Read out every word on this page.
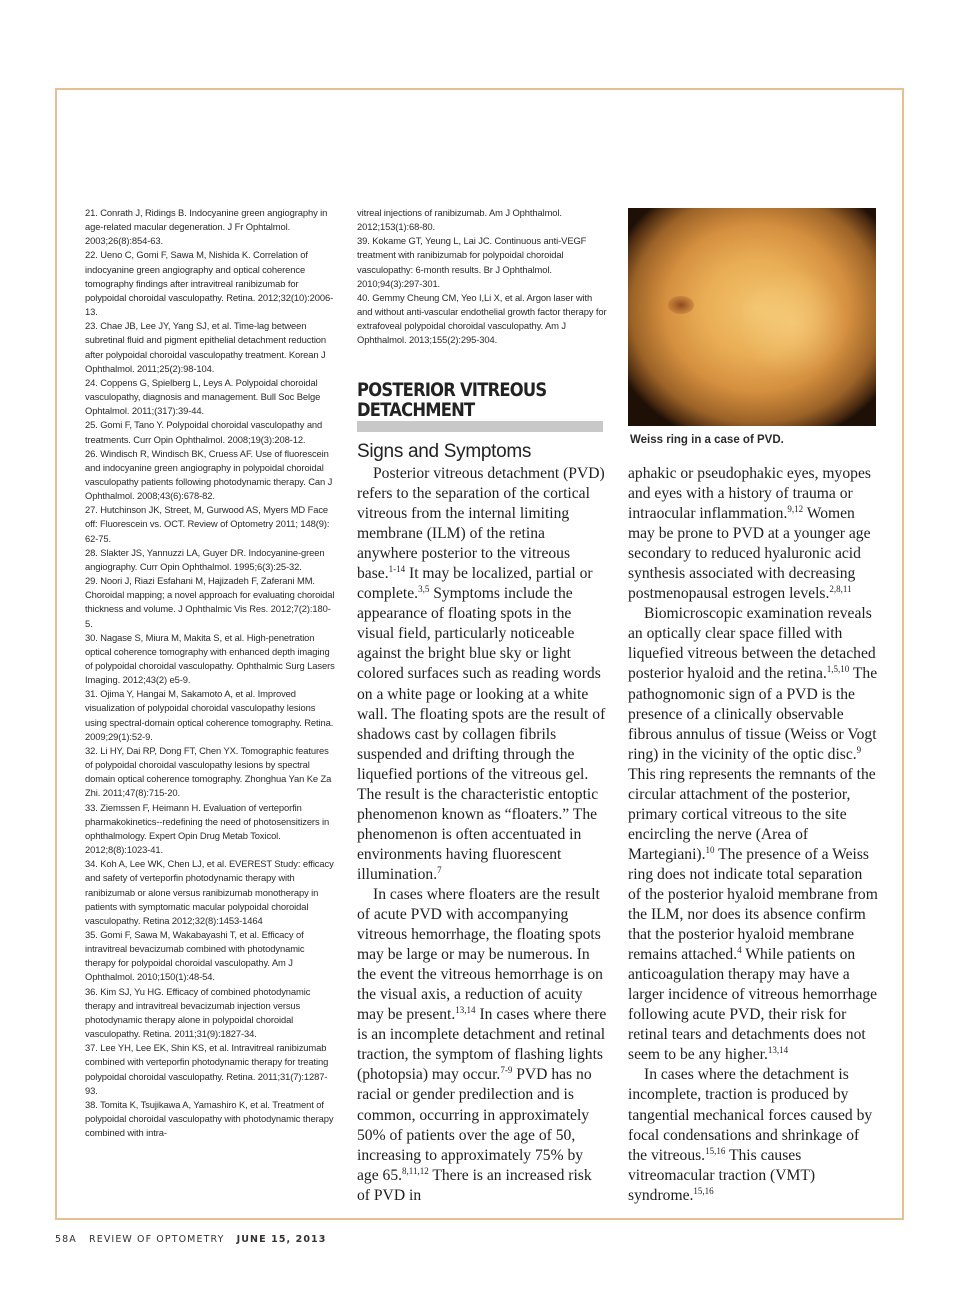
21. Conrath J, Ridings B. Indocyanine green angiography in age-related macular degeneration. J Fr Ophtalmol. 2003;26(8):854-63.

22. Ueno C, Gomi F, Sawa M, Nishida K. Correlation of indocyanine green angiography and optical coherence tomography findings after intravitreal ranibizumab for polypoidal choroidal vasculopathy. Retina. 2012;32(10):2006-13.

23. Chae JB, Lee JY, Yang SJ, et al. Time-lag between subretinal fluid and pigment epithelial detachment reduction after polypoidal choroidal vasculopathy treatment. Korean J Ophthalmol. 2011;25(2):98-104.

24. Coppens G, Spielberg L, Leys A. Polypoidal choroidal vasculopathy, diagnosis and management. Bull Soc Belge Ophtalmol. 2011;(317):39-44.

25. Gomi F, Tano Y. Polypoidal choroidal vasculopathy and treatments. Curr Opin Ophthalmol. 2008;19(3):208-12.

26. Windisch R, Windisch BK, Cruess AF. Use of fluorescein and indocyanine green angiography in polypoidal choroidal vasculopathy patients following photodynamic therapy. Can J Ophthalmol. 2008;43(6):678-82.

27. Hutchinson JK, Street, M, Gurwood AS, Myers MD Face off: Fluorescein vs. OCT. Review of Optometry 2011; 148(9): 62-75.

28. Slakter JS, Yannuzzi LA, Guyer DR. Indocyanine-green angiography. Curr Opin Ophthalmol. 1995;6(3):25-32.

29. Noori J, Riazi Esfahani M, Hajizadeh F, Zaferani MM. Choroidal mapping; a novel approach for evaluating choroidal thickness and volume. J Ophthalmic Vis Res. 2012;7(2):180-5.

30. Nagase S, Miura M, Makita S, et al. High-penetration optical coherence tomography with enhanced depth imaging of polypoidal choroidal vasculopathy. Ophthalmic Surg Lasers Imaging. 2012;43(2) e5-9.

31. Ojima Y, Hangai M, Sakamoto A, et al. Improved visualization of polypoidal choroidal vasculopathy lesions using spectral-domain optical coherence tomography. Retina. 2009;29(1):52-9.

32. Li HY, Dai RP, Dong FT, Chen YX. Tomographic features of polypoidal choroidal vasculopathy lesions by spectral domain optical coherence tomography. Zhonghua Yan Ke Za Zhi. 2011;47(8):715-20.

33. Ziemssen F, Heimann H. Evaluation of verteporfin pharmakokinetics--redefining the need of photosensitizers in ophthalmology. Expert Opin Drug Metab Toxicol. 2012;8(8):1023-41.

34. Koh A, Lee WK, Chen LJ, et al. EVEREST Study: efficacy and safety of verteporfin photodynamic therapy with ranibizumab or alone versus ranibizumab monotherapy in patients with symptomatic macular polypoidal choroidal vasculopathy. Retina 2012;32(8):1453-1464

35. Gomi F, Sawa M, Wakabayashi T, et al. Efficacy of intravitreal bevacizumab combined with photodynamic therapy for polypoidal choroidal vasculopathy. Am J Ophthalmol. 2010;150(1):48-54.

36. Kim SJ, Yu HG. Efficacy of combined photodynamic therapy and intravitreal bevacizumab injection versus photodynamic therapy alone in polypoidal choroidal vasculopathy. Retina. 2011;31(9):1827-34.

37. Lee YH, Lee EK, Shin KS, et al. Intravitreal ranibizumab combined with verteporfin photodynamic therapy for treating polypoidal choroidal vasculopathy. Retina. 2011;31(7):1287-93.

38. Tomita K, Tsujikawa A, Yamashiro K, et al. Treatment of polypoidal choroidal vasculopathy with photodynamic therapy combined with intra-

vitreal injections of ranibizumab. Am J Ophthalmol. 2012;153(1):68-80.

39. Kokame GT, Yeung L, Lai JC. Continuous anti-VEGF treatment with ranibizumab for polypoidal choroidal vasculopathy: 6-month results. Br J Ophthalmol. 2010;94(3):297-301.

40. Gemmy Cheung CM, Yeo I,Li X, et al. Argon laser with and without anti-vascular endothelial growth factor therapy for extrafoveal polypoidal choroidal vasculopathy. Am J Ophthalmol. 2013;155(2):295-304.

POSTERIOR VITREOUS
DETACHMENT
Signs and Symptoms

Posterior vitreous detachment (PVD) refers to the separation of the cortical vitreous from the internal limiting membrane (ILM) of the retina anywhere posterior to the vitreous base.$^{1-14}$ It may be localized, partial or complete.$^{3,5}$ Symptoms include the appearance of floating spots in the visual field, particularly noticeable against the bright blue sky or light colored surfaces such as reading words on a white page or looking at a white wall. The floating spots are the result of shadows cast by collagen fibrils suspended and drifting through the liquefied portions of the vitreous gel. The result is the characteristic entoptic phenomenon known as “floaters.” The phenomenon is often accentuated in environments having fluorescent illumination.$^7$

In cases where floaters are the result of acute PVD with accompanying vitreous hemorrhage, the floating spots may be large or may be numerous. In the event the vitreous hemorrhage is on the visual axis, a reduction of acuity may be present.$^{13,14}$ In cases where there is an incomplete detachment and retinal traction, the symptom of flashing lights (photopsia) may occur.$^{7-9}$ PVD has no racial or gender predilection and is common, occurring in approximately 50% of patients over the age of 50, increasing to approximately 75% by age 65.$^{8,11,12}$ There is an increased risk of PVD in

aphakic or pseudophakic eyes, myopes and eyes with a history of trauma or intraocular inflammation.$^{9,12}$ Women may be prone to PVD at a younger age secondary to reduced hyaluronic acid synthesis associated with decreasing postmenopausal estrogen levels.$^{2,8,11}$

Biomicroscopic examination reveals an optically clear space filled with liquefied vitreous between the detached posterior hyaloid and the retina.$^{1,5,10}$ The pathognomonic sign of a PVD is the presence of a clinically observable fibrous annulus of tissue (Weiss or Vogt ring) in the vicinity of the optic disc.$^9$ This ring represents the remnants of the circular attachment of the posterior, primary cortical vitreous to the site encircling the nerve (Area of Martegiani).$^{10}$ The presence of a Weiss ring does not indicate total separation of the posterior hyaloid membrane from the ILM, nor does its absence confirm that the posterior hyaloid membrane remains attached.$^4$ While patients on anticoagulation therapy may have a larger incidence of vitreous hemorrhage following acute PVD, their risk for retinal tears and detachments does not seem to be any higher.$^{13,14}$

In cases where the detachment is incomplete, traction is produced by tangential mechanical forces caused by focal condensations and shrinkage of the vitreous.$^{15,16}$ This causes vitreomacular traction (VMT) syndrome.$^{15,16}$

Weiss ring in a case of PVD.
58A REVIEW OF OPTOMETRY JUNE 15, 2013
